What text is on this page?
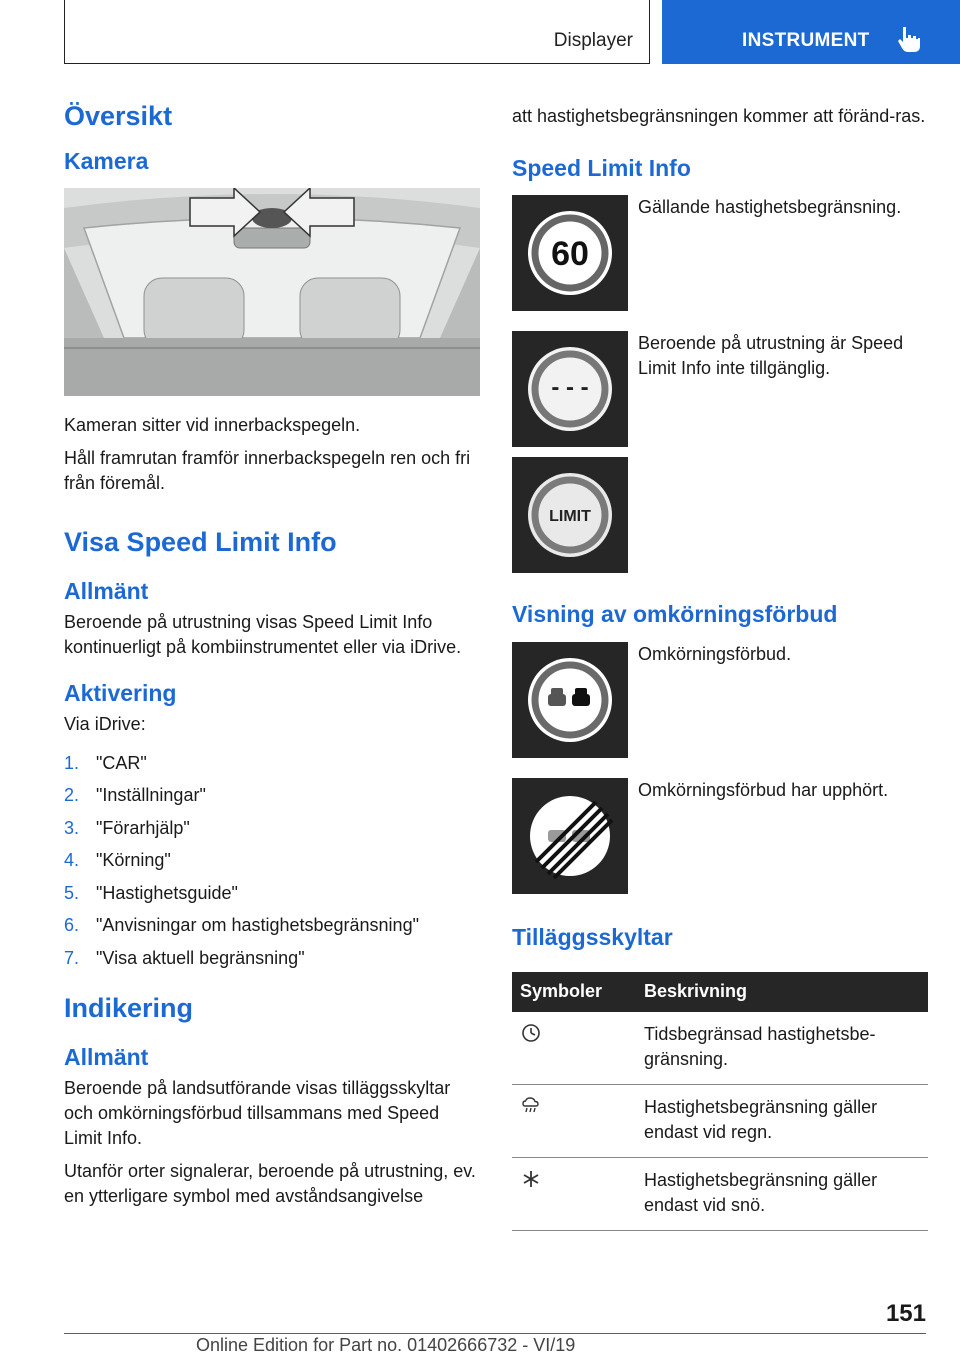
Displayer	INSTRUMENT
Översikt
Kamera

Kameran sitter vid innerbackspegeln.

Håll framrutan framför innerbackspegeln ren och fri från föremål.

Visa Speed Limit Info
Allmänt

Beroende på utrustning visas Speed Limit Info kontinuerligt på kombiinstrumentet eller via iDrive.

Aktivering

Via iDrive:

1. "CAR"
2. "Inställningar"
3. "Förarhjälp"
4. "Körning"
5. "Hastighetsguide"
6. "Anvisningar om hastighetsbegränsning"
7. "Visa aktuell begränsning"
Indikering
Allmänt

Beroende på landsutförande visas tilläggsskyltar och omkörningsförbud tillsammans med Speed Limit Info.

Utanför orter signalerar, beroende på utrustning, ev. en ytterligare symbol med avståndsangivelse

att hastighetsbegränsningen kommer att föränd-ras.

Speed Limit Info
60
Gällande hastighetsbegränsning.
- - -
Beroende på utrustning är Speed Limit Info inte tillgänglig.
LIMIT
Visning av omkörningsförbud
Omkörningsförbud.
Omkörningsförbud har upphört.
Tilläggsskyltar
Symboler	Beskrivning
	Tidsbegränsad hastighetsbe-gränsning.
	Hastighetsbegränsning gäller endast vid regn.
	Hastighetsbegränsning gäller endast vid snö.
151
Online Edition for Part no. 01402666732 - VI/19
